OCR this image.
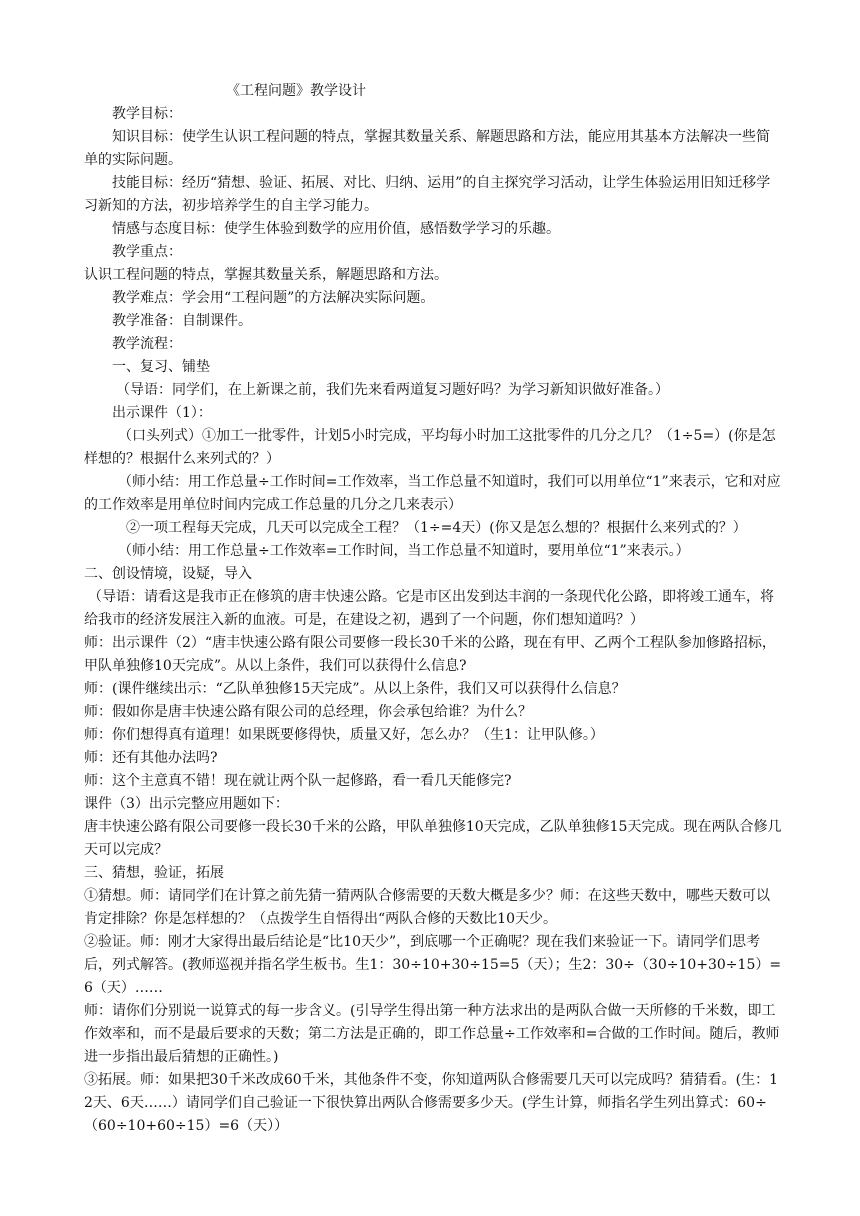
《工程问题》教学设计

教学目标：

知识目标：使学生认识工程问题的特点，掌握其数量关系、解题思路和方法，能应用其基本方法解决一些简单的实际问题。

技能目标：经历“猜想、验证、拓展、对比、归纳、运用”的自主探究学习活动，让学生体验运用旧知迁移学习新知的方法，初步培养学生的自主学习能力。

情感与态度目标：使学生体验到数学的应用价值，感悟数学学习的乐趣。

教学重点：

认识工程问题的特点，掌握其数量关系，解题思路和方法。

教学难点：学会用“工程问题”的方法解决实际问题。

教学准备：自制课件。

教学流程：

一、复习、铺垫

（导语：同学们，在上新课之前，我们先来看两道复习题好吗？为学习新知识做好准备。）

出示课件（1）：

（口头列式）①加工一批零件，计划5小时完成，平均每小时加工这批零件的几分之几？（1÷5=）(你是怎样想的？根据什么来列式的？）

（师小结：用工作总量÷工作时间=工作效率，当工作总量不知道时，我们可以用单位“1”来表示，它和对应的工作效率是用单位时间内完成工作总量的几分之几来表示）

②一项工程每天完成，几天可以完成全工程？（1÷=4天）(你又是怎么想的？根据什么来列式的？）

（师小结：用工作总量÷工作效率=工作时间，当工作总量不知道时，要用单位“1”来表示。）

二、创设情境，设疑，导入

（导语：请看这是我市正在修筑的唐丰快速公路。它是市区出发到达丰润的一条现代化公路，即将竣工通车，将给我市的经济发展注入新的血液。可是，在建设之初，遇到了一个问题，你们想知道吗？）

师：出示课件（2）“唐丰快速公路有限公司要修一段长30千米的公路，现在有甲、乙两个工程队参加修路招标，甲队单独修10天完成”。从以上条件，我们可以获得什么信息?

师：(课件继续出示：“乙队单独修15天完成”。从以上条件，我们又可以获得什么信息？

师：假如你是唐丰快速公路有限公司的总经理，你会承包给谁？为什么？

师：你们想得真有道理！如果既要修得快，质量又好，怎么办？（生1：让甲队修。）

师：还有其他办法吗?

师：这个主意真不错！现在就让两个队一起修路，看一看几天能修完?

课件（3）出示完整应用题如下：

唐丰快速公路有限公司要修一段长30千米的公路，甲队单独修10天完成，乙队单独修15天完成。现在两队合修几天可以完成？

三、猜想，验证，拓展

①猜想。师：请同学们在计算之前先猜一猜两队合修需要的天数大概是多少？师：在这些天数中，哪些天数可以肯定排除？你是怎样想的？（点拨学生自悟得出“两队合修的天数比10天少。

②验证。师：刚才大家得出最后结论是“比10天少”，到底哪一个正确呢？现在我们来验证一下。请同学们思考后，列式解答。(教师巡视并指名学生板书。生1：30÷10+30÷15=5（天）；生2：30÷（30÷10+30÷15）=6（天）……

师：请你们分别说一说算式的每一步含义。(引导学生得出第一种方法求出的是两队合做一天所修的千米数，即工作效率和，而不是最后要求的天数；第二方法是正确的，即工作总量÷工作效率和=合做的工作时间。随后，教师进一步指出最后猜想的正确性。)

③拓展。师：如果把30千米改成60千米，其他条件不变，你知道两队合修需要几天可以完成吗？猜猜看。(生：12天、6天……）请同学们自己验证一下很快算出两队合修需要多少天。(学生计算，师指名学生列出算式：60÷（60÷10+60÷15）=6（天））
